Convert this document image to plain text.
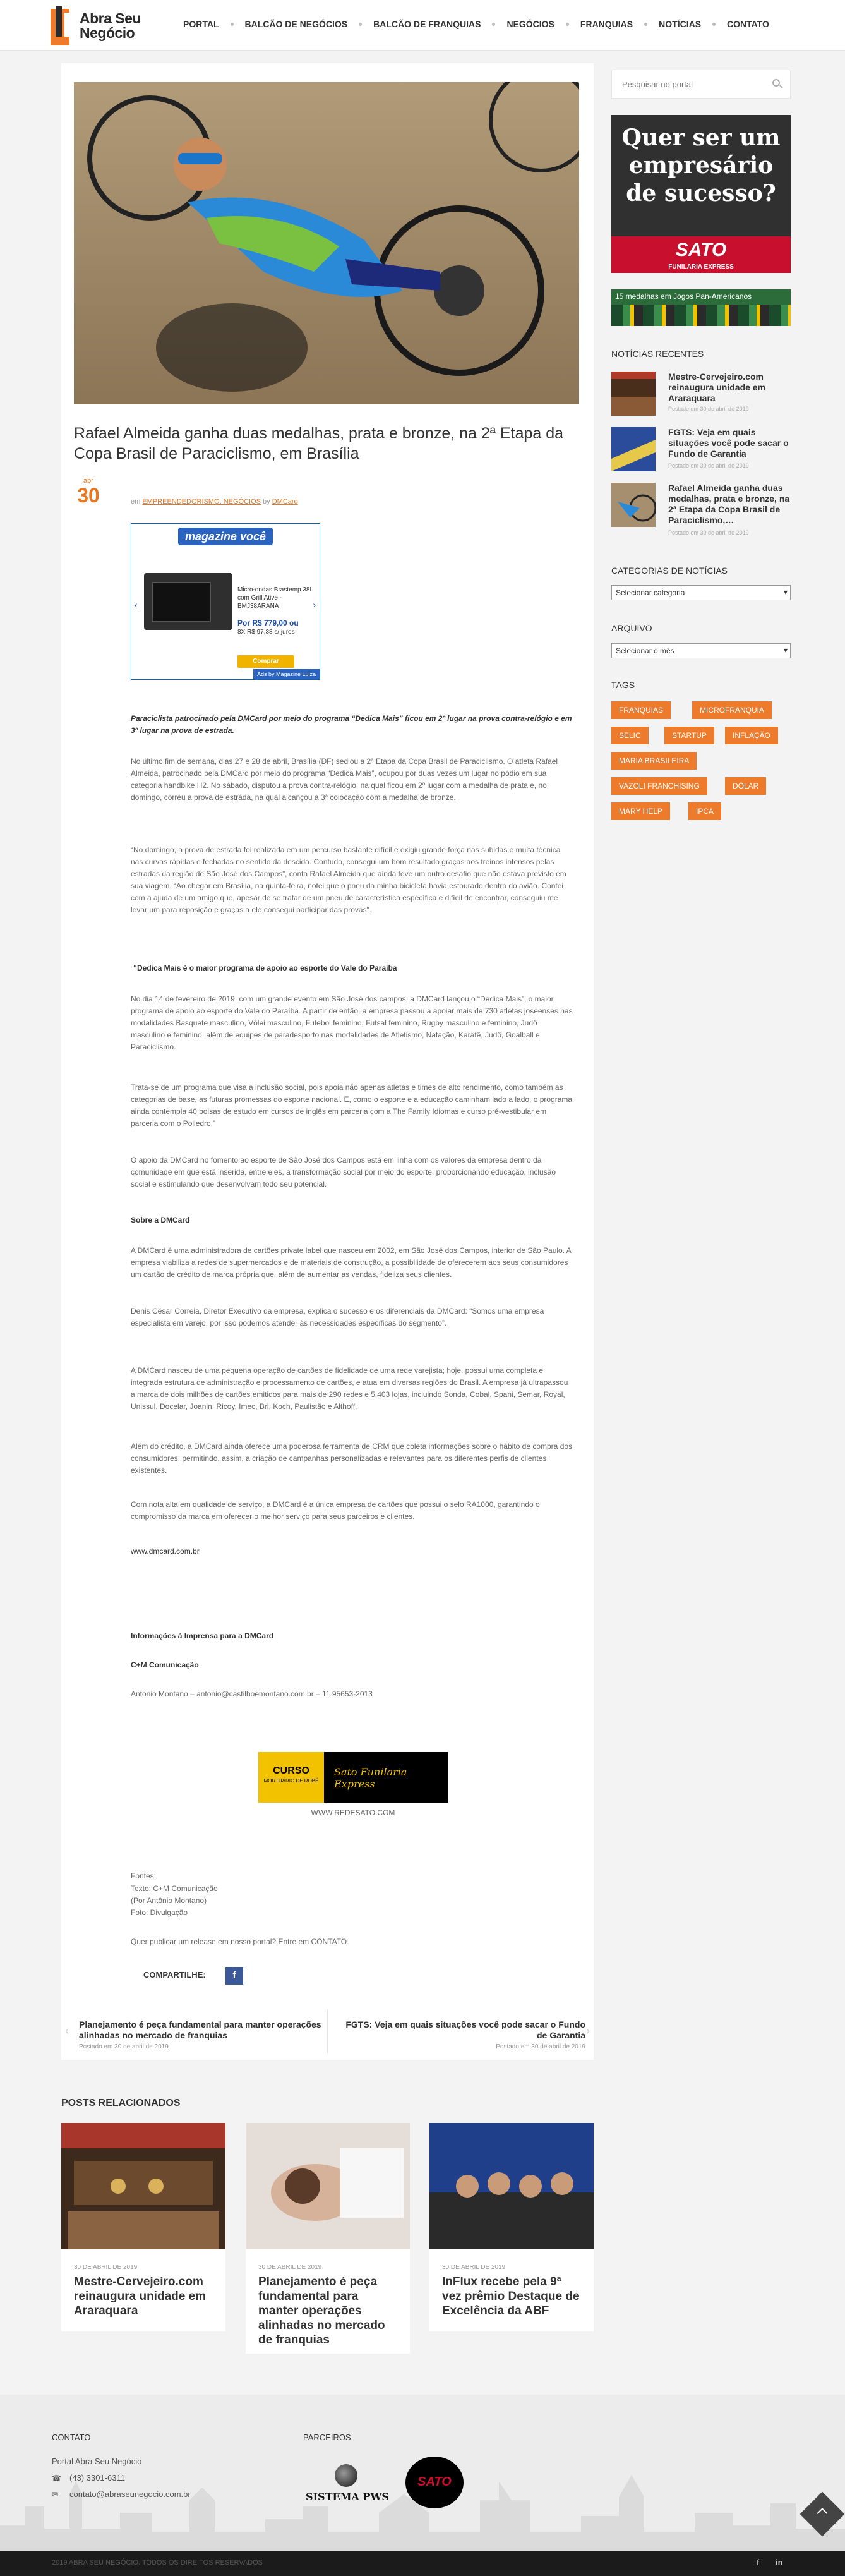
Abra Seu
Negócio
PORTAL	BALCÃO DE NEGÓCIOS	BALCÃO DE FRANQUIAS	NEGÓCIOS	FRANQUIAS	NOTÍCIAS	CONTATO
Rafael Almeida ganha duas medalhas, prata e bronze, na 2ª Etapa da Copa Brasil de Paraciclismo, em Brasília
abr
30	em EMPREENDEDORISMO, NEGÓCIOS by DMCard
magazine você
‹	›
Micro-ondas Brastemp 38L com Grill Ative - BMJ38ARANA
Por R$ 779,00 ou
8X R$ 97,38 s/ juros
Comprar
Ads by Magazine Luiza

Paraciclista patrocinado pela DMCard por meio do programa “Dedica Mais” ficou em 2º lugar na prova contra-relógio e em 3º lugar na prova de estrada.

No último fim de semana, dias 27 e 28 de abril, Brasília (DF) sediou a 2ª Etapa da Copa Brasil de Paraciclismo. O atleta Rafael Almeida, patrocinado pela DMCard por meio do programa “Dedica Mais”, ocupou por duas vezes um lugar no pódio em sua categoria handbike H2. No sábado, disputou a prova contra-relógio, na qual ficou em 2º lugar com a medalha de prata e, no domingo, correu a prova de estrada, na qual alcançou a 3ª colocação com a medalha de bronze.

“No domingo, a prova de estrada foi realizada em um percurso bastante difícil e exigiu grande força nas subidas e muita técnica nas curvas rápidas e fechadas no sentido da descida. Contudo, consegui um bom resultado graças aos treinos intensos pelas estradas da região de São José dos Campos”, conta Rafael Almeida que ainda teve um outro desafio que não estava previsto em sua viagem. “Ao chegar em Brasília, na quinta-feira, notei que o pneu da minha bicicleta havia estourado dentro do avião. Contei com a ajuda de um amigo que, apesar de se tratar de um pneu de característica específica e difícil de encontrar, conseguiu me levar um para reposição e graças a ele consegui participar das provas”.

“Dedica Mais é o maior programa de apoio ao esporte do Vale do Paraíba

No dia 14 de fevereiro de 2019, com um grande evento em São José dos campos, a DMCard lançou o “Dedica Mais”, o maior programa de apoio ao esporte do Vale do Paraíba. A partir de então, a empresa passou a apoiar mais de 730 atletas joseenses nas modalidades Basquete masculino, Vôlei masculino, Futebol feminino, Futsal feminino, Rugby masculino e feminino, Judô masculino e feminino, além de equipes de paradesporto nas modalidades de Atletismo, Natação, Karatê, Judô, Goalball e Paraciclismo.

Trata-se de um programa que visa a inclusão social, pois apoia não apenas atletas e times de alto rendimento, como também as categorias de base, as futuras promessas do esporte nacional. E, como o esporte e a educação caminham lado a lado, o programa ainda contempla 40 bolsas de estudo em cursos de inglês em parceria com a The Family Idiomas e curso pré-vestibular em parceria com o Poliedro.”

O apoio da DMCard no fomento ao esporte de São José dos Campos está em linha com os valores da empresa dentro da comunidade em que está inserida, entre eles, a transformação social por meio do esporte, proporcionando educação, inclusão social e estimulando que desenvolvam todo seu potencial.

Sobre a DMCard

A DMCard é uma administradora de cartões private label que nasceu em 2002, em São José dos Campos, interior de São Paulo. A empresa viabiliza a redes de supermercados e de materiais de construção, a possibilidade de oferecerem aos seus consumidores um cartão de crédito de marca própria que, além de aumentar as vendas, fideliza seus clientes.

Denis César Correia, Diretor Executivo da empresa, explica o sucesso e os diferenciais da DMCard: “Somos uma empresa especialista em varejo, por isso podemos atender às necessidades específicas do segmento”.

A DMCard nasceu de uma pequena operação de cartões de fidelidade de uma rede varejista; hoje, possui uma completa e integrada estrutura de administração e processamento de cartões, e atua em diversas regiões do Brasil. A empresa já ultrapassou a marca de dois milhões de cartões emitidos para mais de 290 redes e 5.403 lojas, incluindo Sonda, Cobal, Spani, Semar, Royal, Unissul, Docelar, Joanin, Ricoy, Imec, Bri, Koch, Paulistão e Althoff.

Além do crédito, a DMCard ainda oferece uma poderosa ferramenta de CRM que coleta informações sobre o hábito de compra dos consumidores, permitindo, assim, a criação de campanhas personalizadas e relevantes para os diferentes perfis de clientes existentes.

Com nota alta em qualidade de serviço, a DMCard é a única empresa de cartões que possui o selo RA1000, garantindo o compromisso da marca em oferecer o melhor serviço para seus parceiros e clientes.

www.dmcard.com.br

Informações à Imprensa para a DMCard

C+M Comunicação

Antonio Montano – antonio@castilhoemontano.com.br – 11 95653-2013

CURSO
MORTUÁRIO DE ROBÉ
Sato Funilaria Express
WWW.REDESATO.COM

Fontes:

Texto: C+M Comunicação

(Por Antônio Montano)

Foto: Divulgação

Quer publicar um release em nosso portal? Entre em CONTATO

COMPARTILHE:	f
‹ Planejamento é peça fundamental para manter operações alinhadas no mercado de franquias
Postado em 30 de abril de 2019
FGTS: Veja em quais situações você pode sacar o Fundo de Garantia
Postado em 30 de abril de 2019
›
POSTS RELACIONADOS
30 DE ABRIL DE 2019
Mestre-Cervejeiro.com reinaugura unidade em Araraquara
30 DE ABRIL DE 2019
Planejamento é peça fundamental para manter operações alinhadas no mercado de franquias
30 DE ABRIL DE 2019
InFlux recebe pela 9ª vez prêmio Destaque de Excelência da ABF
Pesquisar no portal
Quer ser um empresário de sucesso?
SATO
FUNILARIA EXPRESS
15 medalhas em Jogos Pan-Americanos
NOTÍCIAS RECENTES
Mestre-Cervejeiro.com reinaugura unidade em Araraquara
Postado em 30 de abril de 2019
FGTS: Veja em quais situações você pode sacar o Fundo de Garantia
Postado em 30 de abril de 2019
Rafael Almeida ganha duas medalhas, prata e bronze, na 2ª Etapa da Copa Brasil de Paraciclismo,…
Postado em 30 de abril de 2019
CATEGORIAS DE NOTÍCIAS
Selecionar categoria ▾
ARQUIVO
Selecionar o mês ▾
TAGS
FRANQUIAS	MICROFRANQUIA
SELIC	STARTUP	INFLAÇÃO
MARIA BRASILEIRA
VAZOLI FRANCHISING	DÓLAR
MARY HELP	IPCA
CONTATO
Portal Abra Seu Negócio
☎ (43) 3301-6311
✉ contato@abraseunegocio.com.br
PARCEIROS
SISTEMA PWS
SATO
2019 ABRA SEU NEGÓCIO. TODOS OS DIREITOS RESERVADOS	f in
